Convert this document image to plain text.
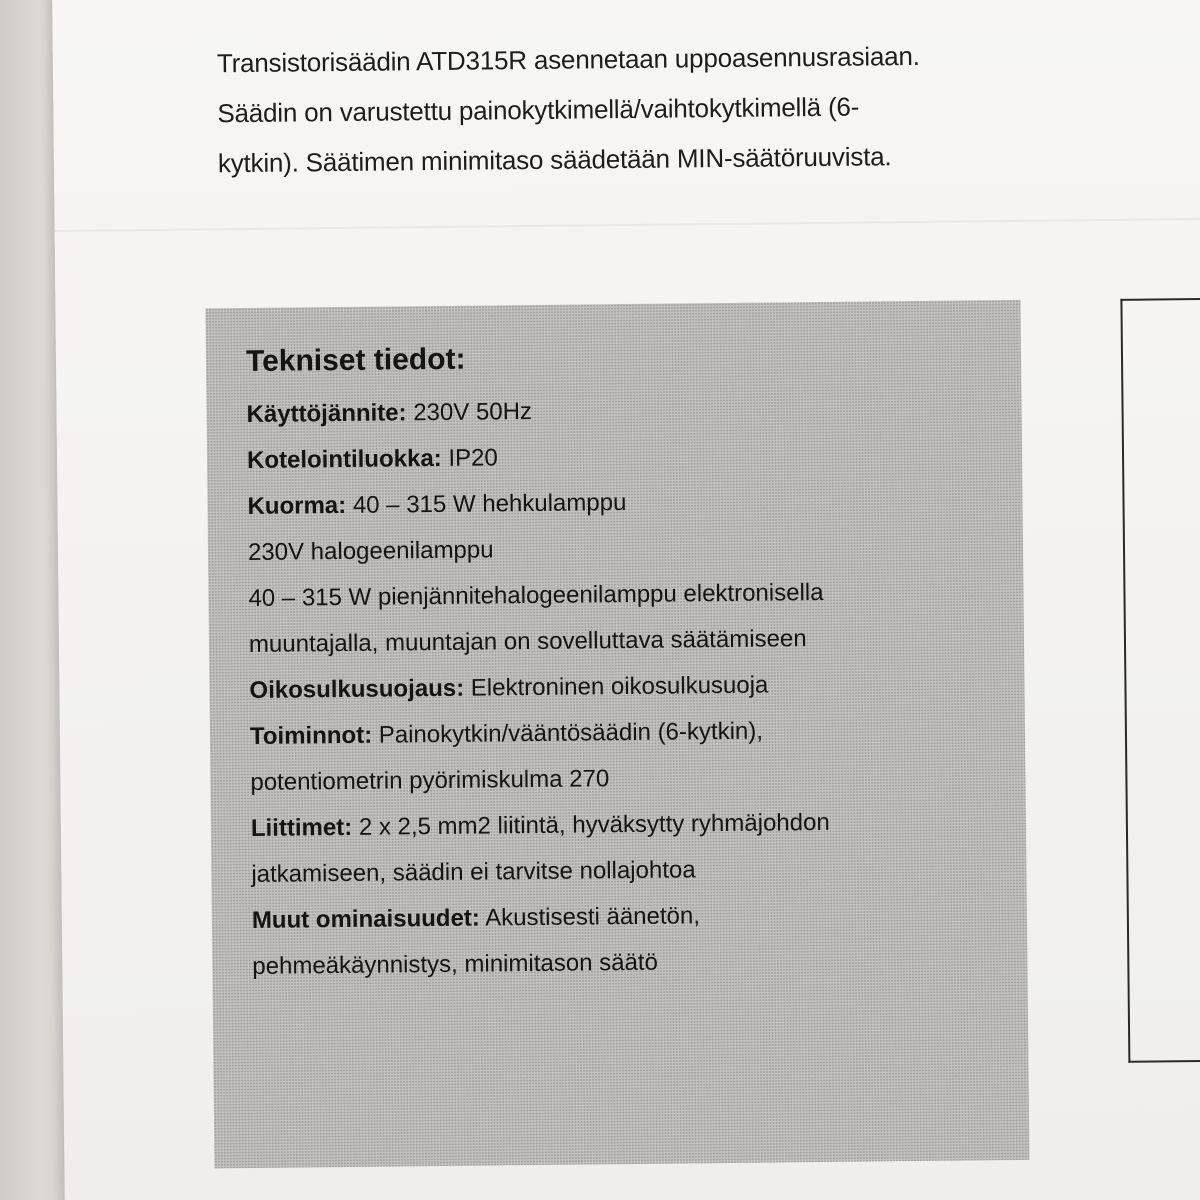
Transistorisäädin ATD315R asennetaan uppoasennusrasiaan.

Säädin on varustettu painokytkimellä/vaihtokytkimellä (6-

kytkin). Säätimen minimitaso säädetään MIN-säätöruuvista.

Tekniset tiedot:
Käyttöjännite: 230V 50Hz
Kotelointiluokka: IP20
Kuorma: 40 – 315 W hehkulamppu
230V halogeenilamppu
40 – 315 W pienjännitehalogeenilamppu elektronisella
muuntajalla, muuntajan on sovelluttava säätämiseen
Oikosulkusuojaus: Elektroninen oikosulkusuoja
Toiminnot: Painokytkin/vääntösäädin (6-kytkin),
potentiometrin pyörimiskulma 270
Liittimet: 2 x 2,5 mm2 liitintä, hyväksytty ryhmäjohdon
jatkamiseen, säädin ei tarvitse nollajohtoa
Muut ominaisuudet: Akustisesti äänetön,
pehmeäkäynnistys, minimitason säätö
